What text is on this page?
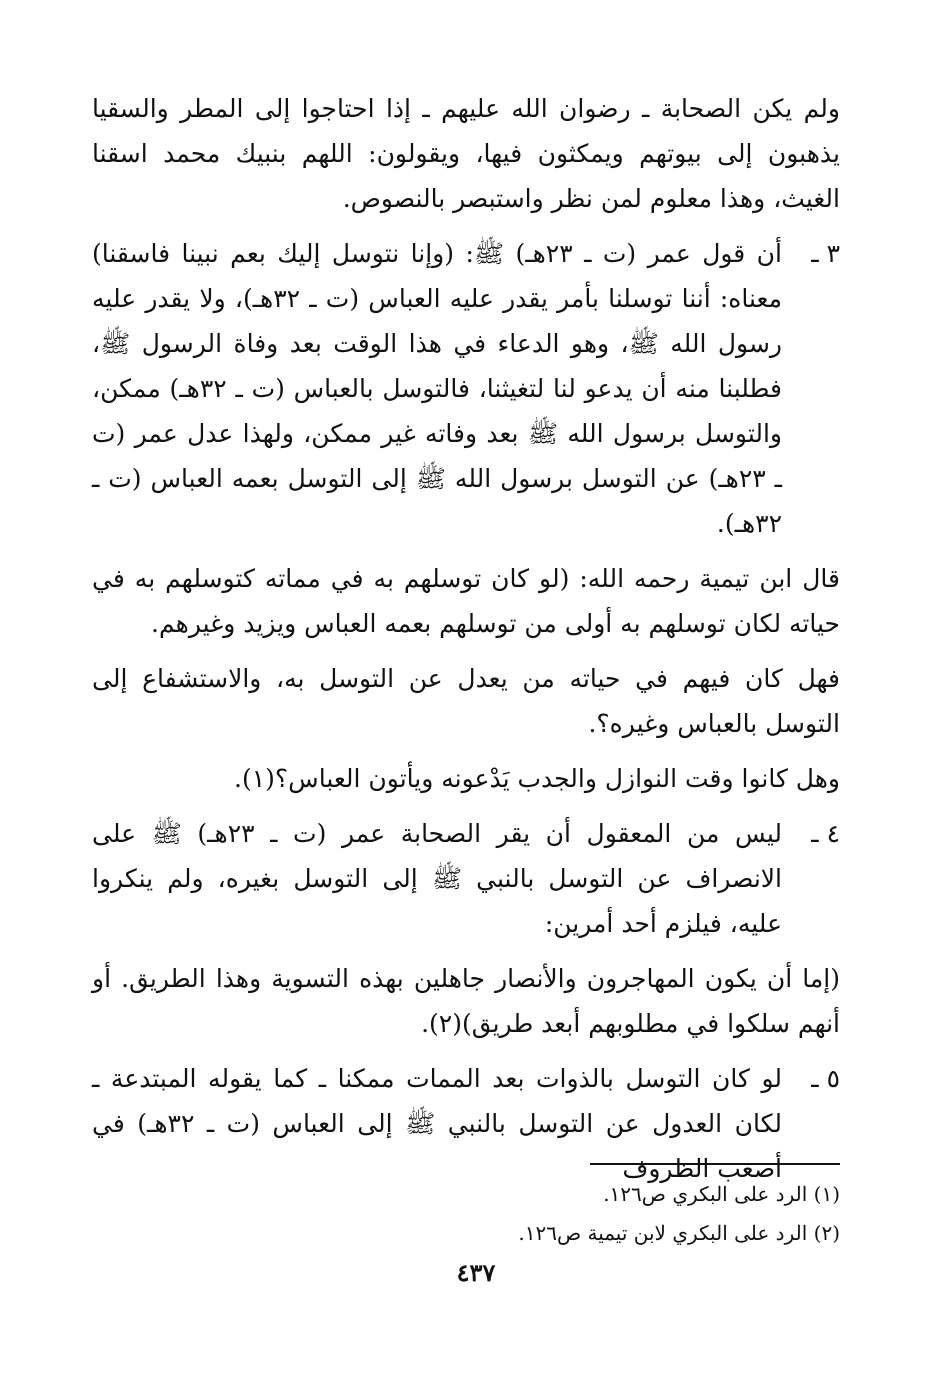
ولم يكن الصحابة ـ رضوان الله عليهم ـ إذا احتاجوا إلى المطر والسقيا يذهبون إلى بيوتهم ويمكثون فيها، ويقولون: اللهم بنبيك محمد اسقنا الغيث، وهذا معلوم لمن نظر واستبصر بالنصوص.

٣ ـ
أن قول عمر (ت ـ ٢٣هـ) ﷺ: (وإنا نتوسل إليك بعم نبينا فاسقنا) معناه: أننا توسلنا بأمر يقدر عليه العباس (ت ـ ٣٢هـ)، ولا يقدر عليه رسول الله ﷺ، وهو الدعاء في هذا الوقت بعد وفاة الرسول ﷺ، فطلبنا منه أن يدعو لنا لتغيثنا، فالتوسل بالعباس (ت ـ ٣٢هـ) ممكن، والتوسل برسول الله ﷺ بعد وفاته غير ممكن، ولهذا عدل عمر (ت ـ ٢٣هـ) عن التوسل برسول الله ﷺ إلى التوسل بعمه العباس (ت ـ ٣٢هـ).

قال ابن تيمية رحمه الله: (لو كان توسلهم به في مماته كتوسلهم به في حياته لكان توسلهم به أولى من توسلهم بعمه العباس ويزيد وغيرهم.

فهل كان فيهم في حياته من يعدل عن التوسل به، والاستشفاع إلى التوسل بالعباس وغيره؟.

وهل كانوا وقت النوازل والجدب يَدْعونه ويأتون العباس؟(١).

٤ ـ
ليس من المعقول أن يقر الصحابة عمر (ت ـ ٢٣هـ) ﷺ على الانصراف عن التوسل بالنبي ﷺ إلى التوسل بغيره، ولم ينكروا عليه، فيلزم أحد أمرين:

(إما أن يكون المهاجرون والأنصار جاهلين بهذه التسوية وهذا الطريق. أو أنهم سلكوا في مطلوبهم أبعد طريق)(٢).

٥ ـ
لو كان التوسل بالذوات بعد الممات ممكنا ـ كما يقوله المبتدعة ـ لكان العدول عن التوسل بالنبي ﷺ إلى العباس (ت ـ ٣٢هـ) في أصعب الظروف

(١) الرد على البكري ص١٢٦.

(٢) الرد على البكري لابن تيمية ص١٢٦.

٤٣٧
